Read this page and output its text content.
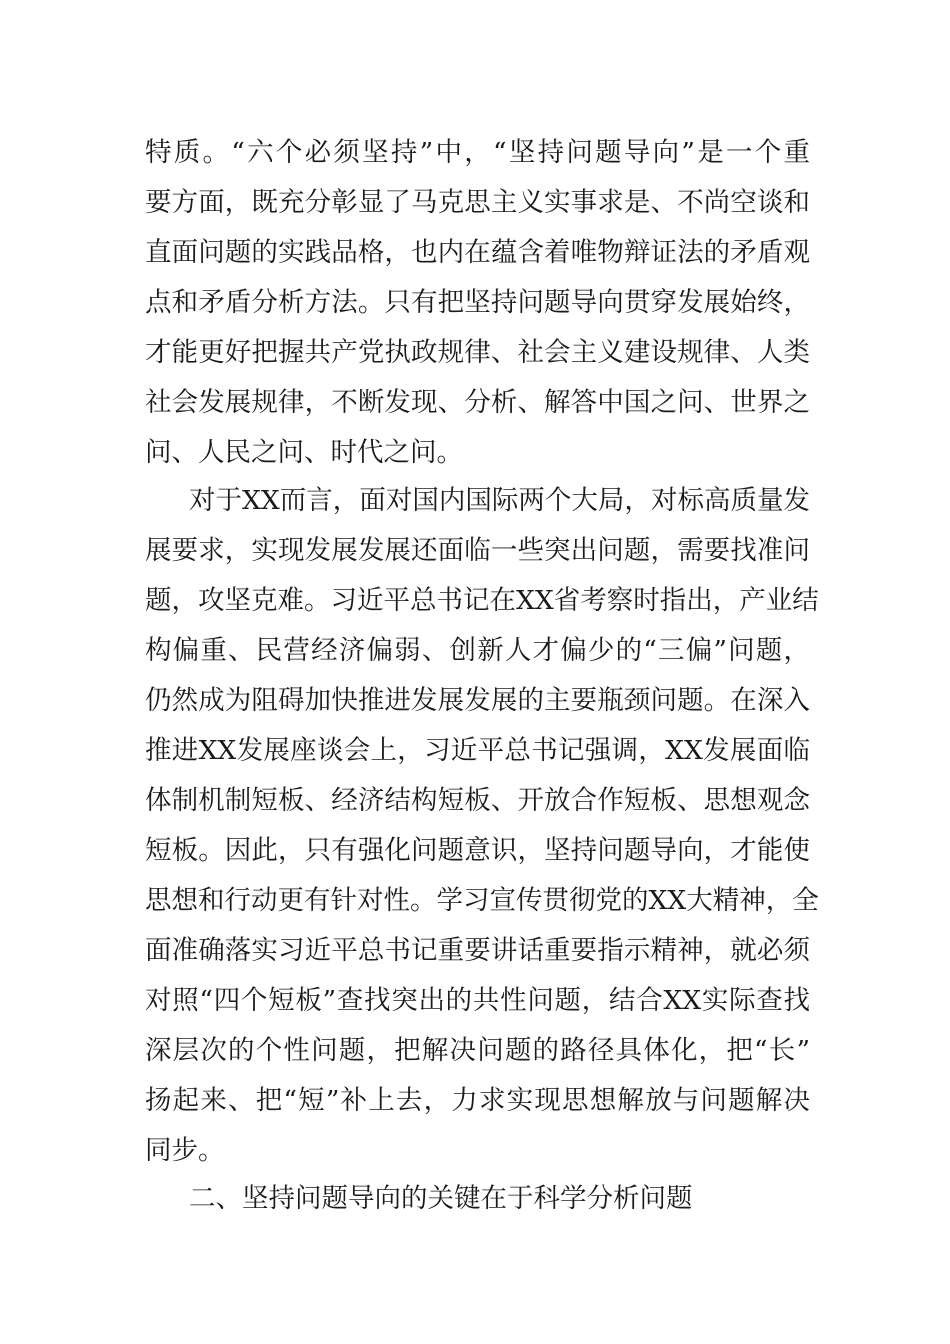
特质。“六个必须坚持”中，“坚持问题导向”是一个重
要方面，既充分彰显了马克思主义实事求是、不尚空谈和
直面问题的实践品格，也内在蕴含着唯物辩证法的矛盾观
点和矛盾分析方法。只有把坚持问题导向贯穿发展始终，
才能更好把握共产党执政规律、社会主义建设规律、人类
社会发展规律，不断发现、分析、解答中国之问、世界之
问、人民之问、时代之问。
对于XX而言，面对国内国际两个大局，对标高质量发
展要求，实现发展发展还面临一些突出问题，需要找准问
题，攻坚克难。习近平总书记在XX省考察时指出，产业结
构偏重、民营经济偏弱、创新人才偏少的“三偏”问题，
仍然成为阻碍加快推进发展发展的主要瓶颈问题。在深入
推进XX发展座谈会上，习近平总书记强调，XX发展面临
体制机制短板、经济结构短板、开放合作短板、思想观念
短板。因此，只有强化问题意识，坚持问题导向，才能使
思想和行动更有针对性。学习宣传贯彻党的XX大精神，全
面准确落实习近平总书记重要讲话重要指示精神，就必须
对照“四个短板”查找突出的共性问题，结合XX实际查找
深层次的个性问题，把解决问题的路径具体化，把“长”
扬起来、把“短”补上去，力求实现思想解放与问题解决
同步。
二、坚持问题导向的关键在于科学分析问题
